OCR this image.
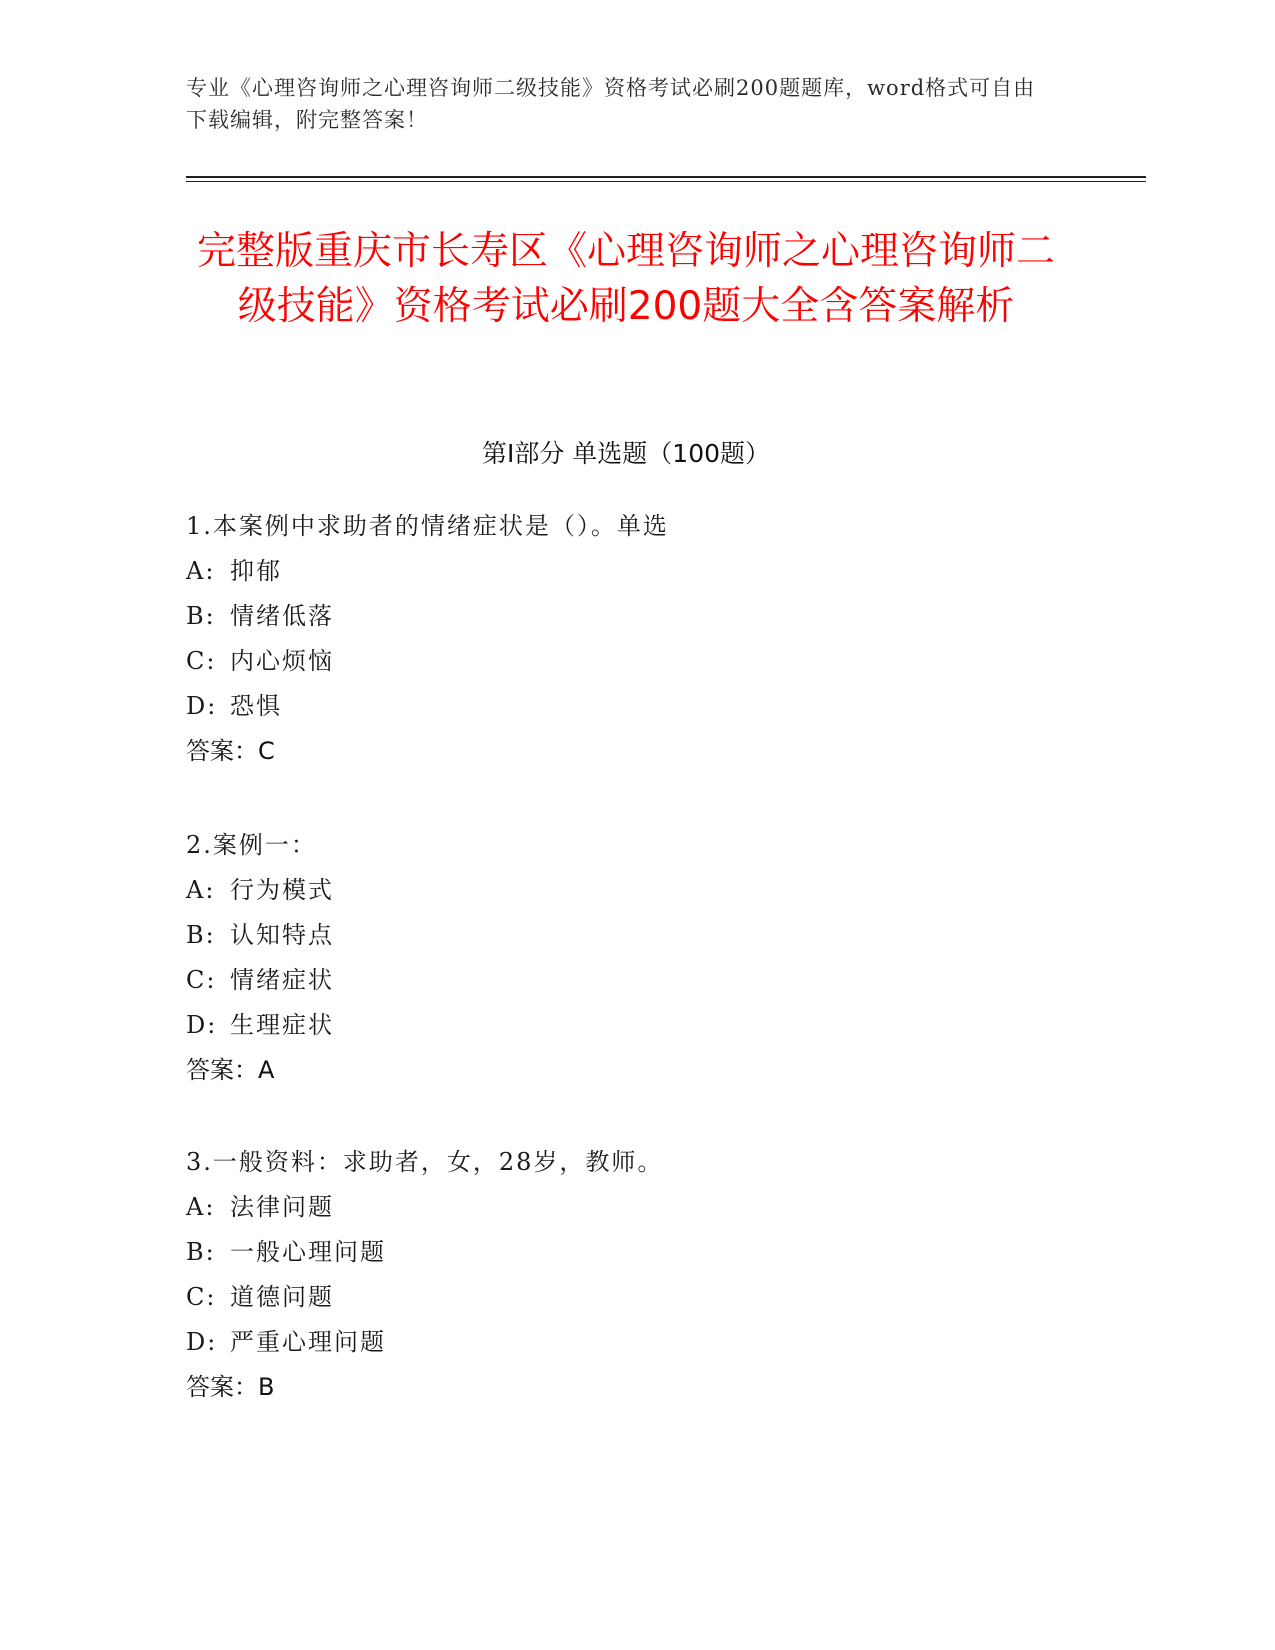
专业《心理咨询师之心理咨询师二级技能》资格考试必刷200题题库，word格式可自由下载编辑，附完整答案！
完整版重庆市长寿区《心理咨询师之心理咨询师二级技能》资格考试必刷200题大全含答案解析
第Ⅰ部分 单选题（100题）
1.本案例中求助者的情绪症状是（）。单选
A: 抑郁
B: 情绪低落
C: 内心烦恼
D: 恐惧
答案：C
2.案例一：
A: 行为模式
B: 认知特点
C: 情绪症状
D: 生理症状
答案：A
3.一般资料：求助者，女，28岁，教师。
A: 法律问题
B: 一般心理问题
C: 道德问题
D: 严重心理问题
答案：B
